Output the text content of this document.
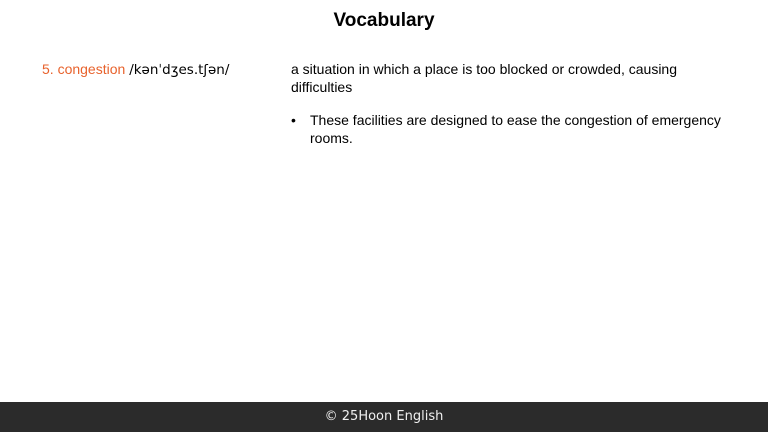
Vocabulary
5. congestion /kənˈdʒes.tʃən/	a situation in which a place is too blocked or crowded, causing difficulties
•	These facilities are designed to ease the congestion of emergency rooms.
© 25Hoon English
